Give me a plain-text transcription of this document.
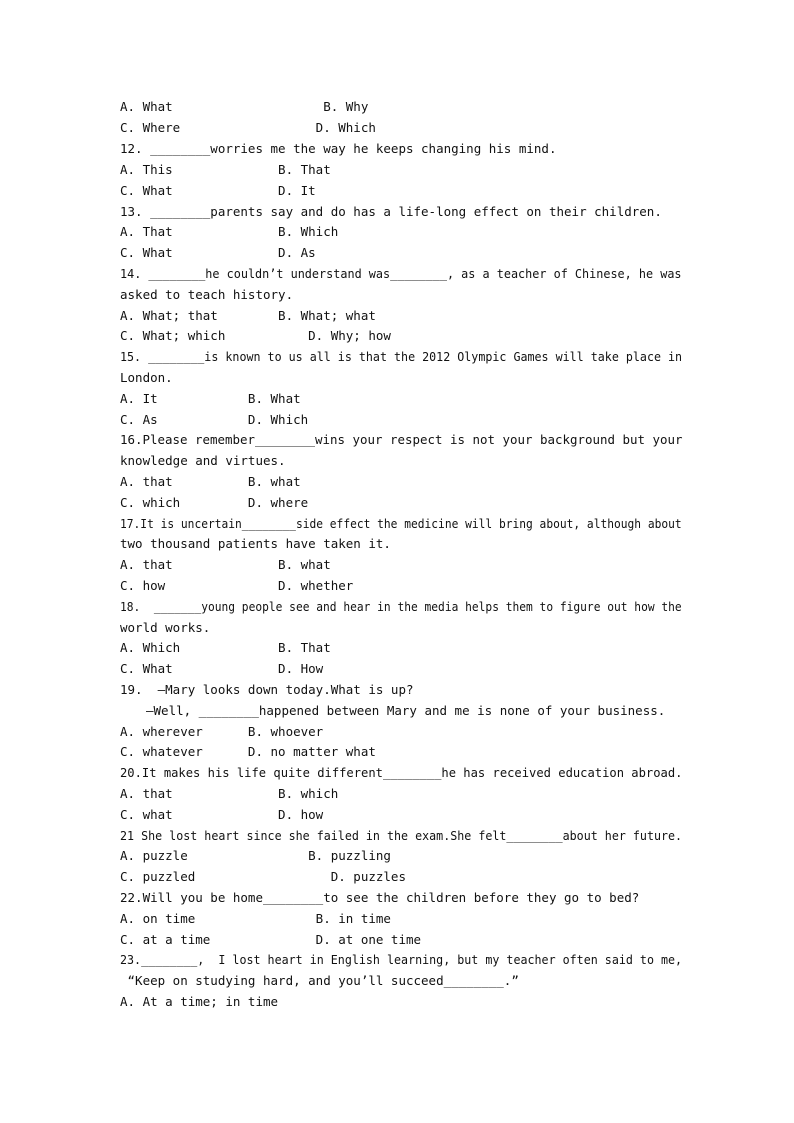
A. What                    B. Why
C. Where                  D. Which
12. ________worries me the way he keeps changing his mind.
A. This              B. That
C. What              D. It
13. ________parents say and do has a life-long effect on their children.
A. That              B. Which
C. What              D. As
14. ________he couldn’t understand was________, as a teacher of Chinese, he was
asked to teach history.
A. What; that        B. What; what
C. What; which           D. Why; how
15. ________is known to us all is that the 2012 Olympic Games will take place in
London.
A. It            B. What
C. As            D. Which
16.Please remember________wins your respect is not your background but your
knowledge and virtues.
A. that          B. what
C. which         D. where
17.It is uncertain________side effect the medicine will bring about, although about
two thousand patients have taken it.
A. that              B. what
C. how               D. whether
18.  _______young people see and hear in the media helps them to figure out how the
world works.
A. Which             B. That
C. What              D. How
19.  —Mary looks down today.What is up?
—Well, ________happened between Mary and me is none of your business.
A. wherever      B. whoever
C. whatever      D. no matter what
20.It makes his life quite different________he has received education abroad.
A. that              B. which
C. what              D. how
21 She lost heart since she failed in the exam.She felt________about her future.
A. puzzle                B. puzzling
C. puzzled                  D. puzzles
22.Will you be home________to see the children before they go to bed?
A. on time                B. in time
C. at a time              D. at one time
23.________,  I lost heart in English learning, but my teacher often said to me,
“Keep on studying hard, and you’ll succeed________.”
A. At a time; in time
